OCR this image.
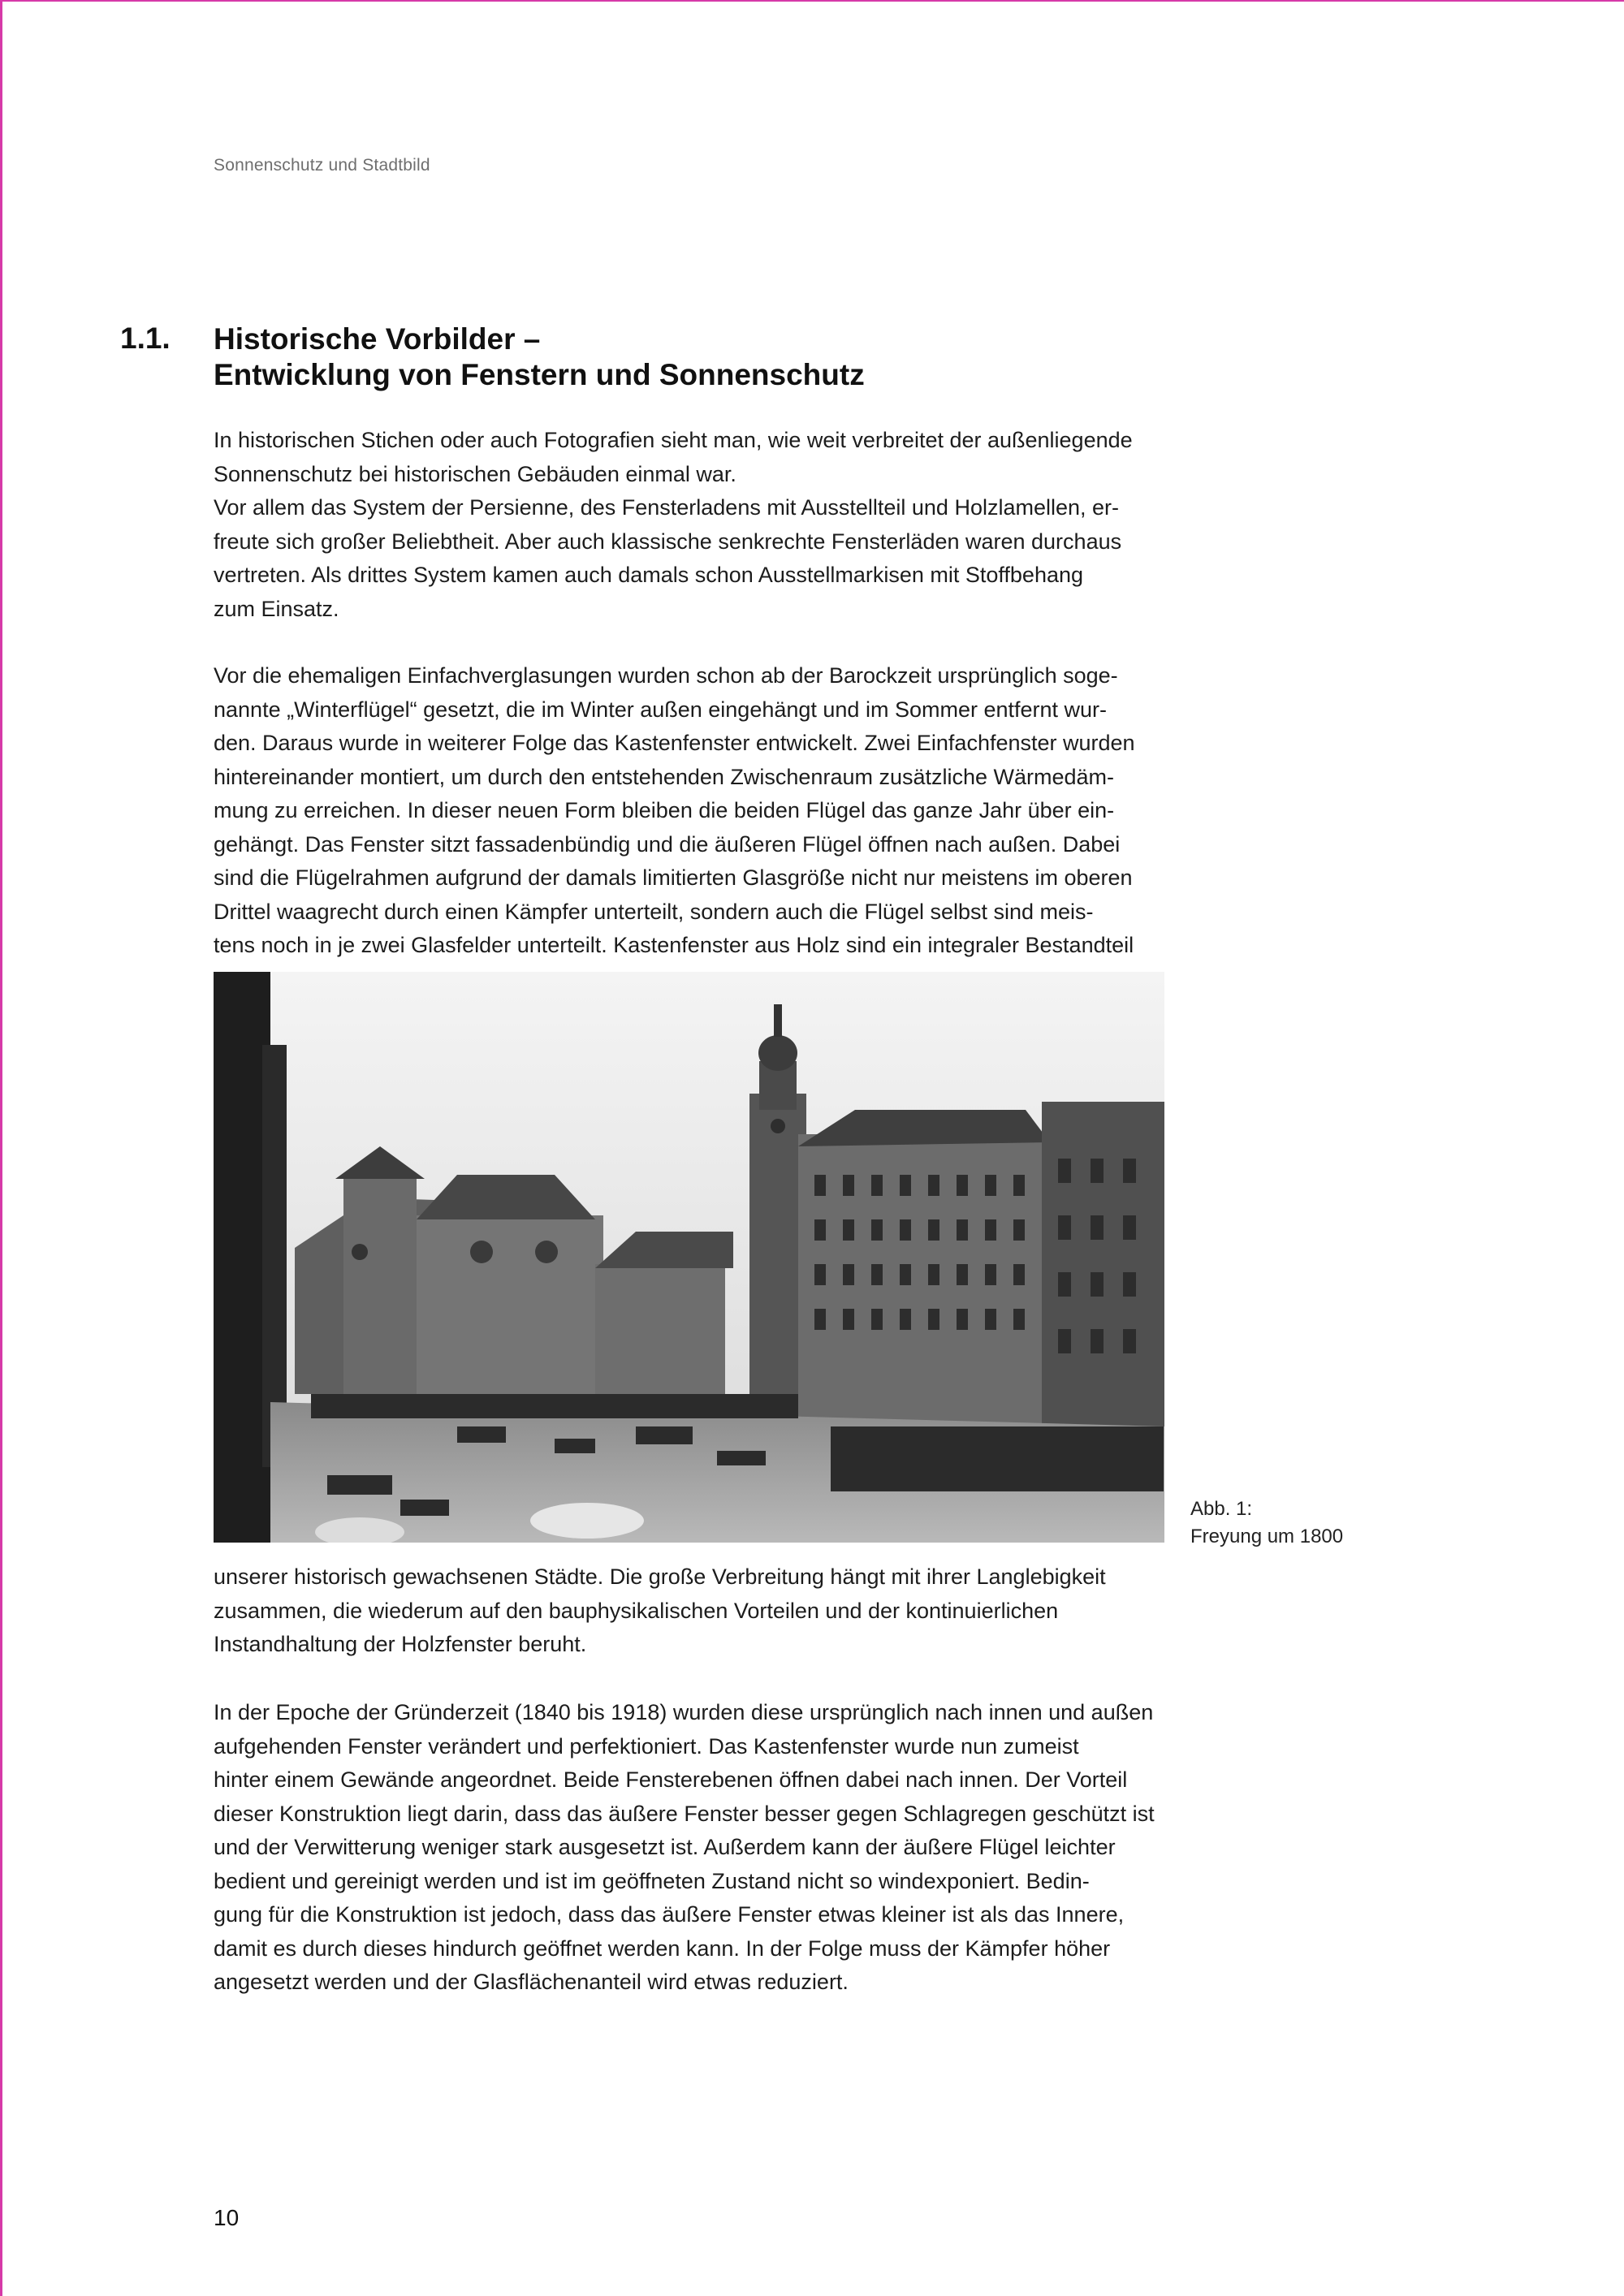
Sonnenschutz und Stadtbild
1.1. Historische Vorbilder –
Entwicklung von Fenstern und Sonnenschutz
In historischen Stichen oder auch Fotografien sieht man, wie weit verbreitet der außenliegende
Sonnenschutz bei historischen Gebäuden einmal war.
Vor allem das System der Persienne, des Fensterladens mit Ausstellteil und Holzlamellen, er-
freute sich großer Beliebtheit. Aber auch klassische senkrechte Fensterläden waren durchaus
vertreten. Als drittes System kamen auch damals schon Ausstellmarkisen mit Stoffbehang
zum Einsatz.
Vor die ehemaligen Einfachverglasungen wurden schon ab der Barockzeit ursprünglich soge-
nannte „Winterflügel“ gesetzt, die im Winter außen eingehängt und im Sommer entfernt wur-
den. Daraus wurde in weiterer Folge das Kastenfenster entwickelt. Zwei Einfachfenster wurden
hintereinander montiert, um durch den entstehenden Zwischenraum zusätzliche Wärmedäm-
mung zu erreichen. In dieser neuen Form bleiben die beiden Flügel das ganze Jahr über ein-
gehängt. Das Fenster sitzt fassadenbündig und die äußeren Flügel öffnen nach außen. Dabei
sind die Flügelrahmen aufgrund der damals limitierten Glasgröße nicht nur meistens im oberen
Drittel waagrecht durch einen Kämpfer unterteilt, sondern auch die Flügel selbst sind meis-
tens noch in je zwei Glasfelder unterteilt. Kastenfenster aus Holz sind ein integraler Bestandteil
Abb. 1:
Freyung um 1800
unserer historisch gewachsenen Städte. Die große Verbreitung hängt mit ihrer Langlebigkeit
zusammen, die wiederum auf den bauphysikalischen Vorteilen und der kontinuierlichen
Instandhaltung der Holzfenster beruht.
In der Epoche der Gründerzeit (1840 bis 1918) wurden diese ursprünglich nach innen und außen
aufgehenden Fenster verändert und perfektioniert. Das Kastenfenster wurde nun zumeist
hinter einem Gewände angeordnet. Beide Fensterebenen öffnen dabei nach innen. Der Vorteil
dieser Konstruktion liegt darin, dass das äußere Fenster besser gegen Schlagregen geschützt ist
und der Verwitterung weniger stark ausgesetzt ist. Außerdem kann der äußere Flügel leichter
bedient und gereinigt werden und ist im geöffneten Zustand nicht so windexponiert. Bedin-
gung für die Konstruktion ist jedoch, dass das äußere Fenster etwas kleiner ist als das Innere,
damit es durch dieses hindurch geöffnet werden kann. In der Folge muss der Kämpfer höher
angesetzt werden und der Glasflächenanteil wird etwas reduziert.
10
